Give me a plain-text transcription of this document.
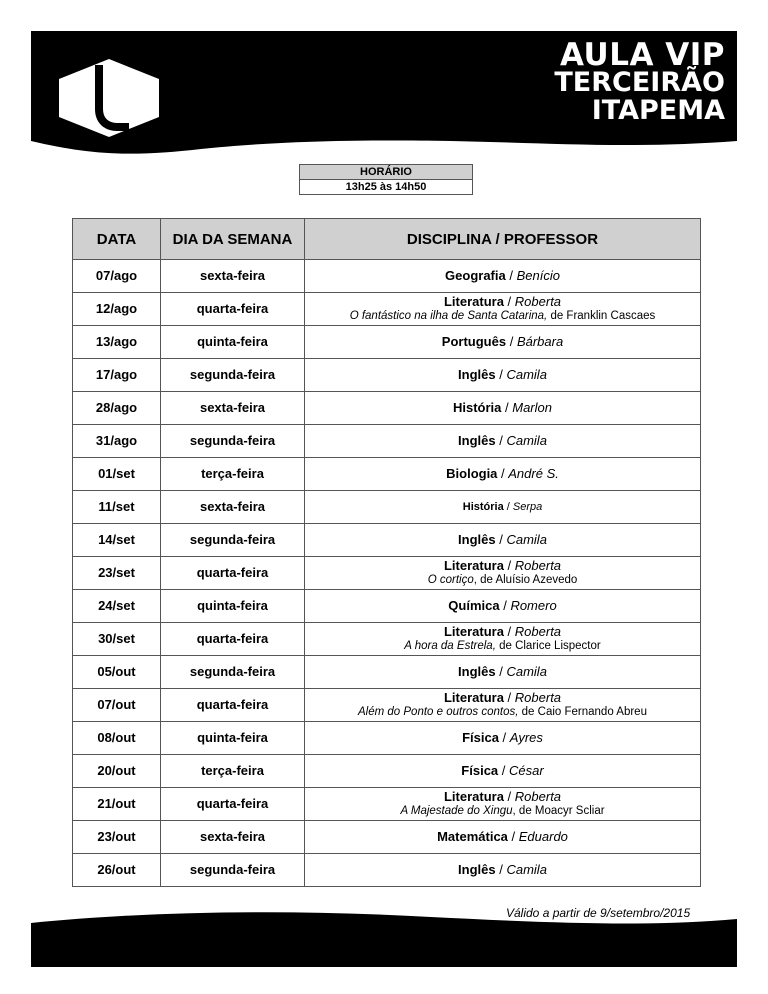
AULA VIP
TERCEIRÃO
ITAPEMA
HORÁRIO
13h25 às 14h50
DATA	DIA DA SEMANA	DISCIPLINA / PROFESSOR
07/ago	sexta-feira	Geografia / Benício

12/ago	quarta-feira	Literatura / Roberta
O fantástico na ilha de Santa Catarina, de Franklin Cascaes

13/ago	quinta-feira	Português / Bárbara

17/ago	segunda-feira	Inglês / Camila

28/ago	sexta-feira	História / Marlon

31/ago	segunda-feira	Inglês / Camila

01/set	terça-feira	Biologia / André S.

11/set	sexta-feira	História / Serpa

14/set	segunda-feira	Inglês / Camila

23/set	quarta-feira	Literatura / Roberta
O cortiço, de Aluísio Azevedo

24/set	quinta-feira	Química / Romero

30/set	quarta-feira	Literatura / Roberta
A hora da Estrela, de Clarice Lispector

05/out	segunda-feira	Inglês / Camila

07/out	quarta-feira	Literatura / Roberta
Além do Ponto e outros contos, de Caio Fernando Abreu

08/out	quinta-feira	Física / Ayres

20/out	terça-feira	Física / César

21/out	quarta-feira	Literatura / Roberta
A Majestade do Xingu, de Moacyr Scliar

23/out	sexta-feira	Matemática / Eduardo

26/out	segunda-feira	Inglês / Camila
Válido a partir de 9/setembro/2015
